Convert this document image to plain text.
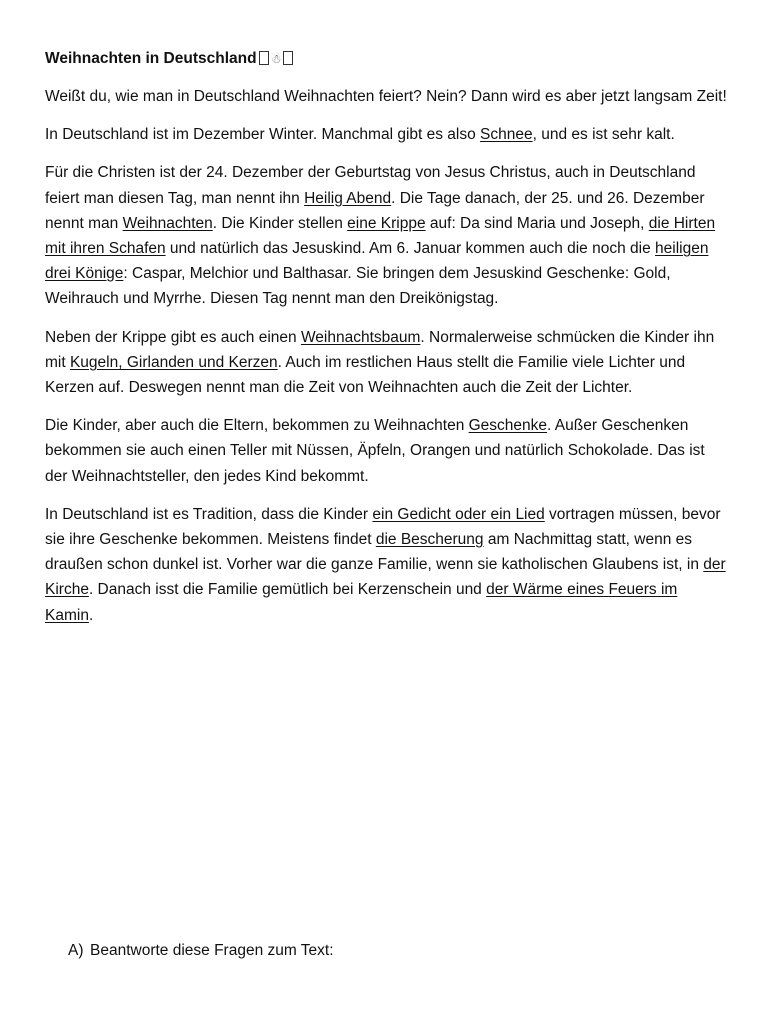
Weihnachten in Deutschland ☃

Weißt du, wie man in Deutschland Weihnachten feiert? Nein? Dann wird es aber jetzt langsam Zeit!

In Deutschland ist im Dezember Winter. Manchmal gibt es also Schnee, und es ist sehr kalt.

Für die Christen ist der 24. Dezember der Geburtstag von Jesus Christus, auch in Deutschland feiert man diesen Tag, man nennt ihn Heilig Abend. Die Tage danach, der 25. und 26. Dezember nennt man Weihnachten. Die Kinder stellen eine Krippe auf: Da sind Maria und Joseph, die Hirten mit ihren Schafen und natürlich das Jesuskind. Am 6. Januar kommen auch die noch die heiligen drei Könige: Caspar, Melchior und Balthasar. Sie bringen dem Jesuskind Geschenke: Gold, Weihrauch und Myrrhe. Diesen Tag nennt man den Dreikönigstag.

Neben der Krippe gibt es auch einen Weihnachtsbaum. Normalerweise schmücken die Kinder ihn mit Kugeln, Girlanden und Kerzen. Auch im restlichen Haus stellt die Familie viele Lichter und Kerzen auf. Deswegen nennt man die Zeit von Weihnachten auch die Zeit der Lichter.

Die Kinder, aber auch die Eltern, bekommen zu Weihnachten Geschenke. Außer Geschenken bekommen sie auch einen Teller mit Nüssen, Äpfeln, Orangen und natürlich Schokolade. Das ist der Weihnachtsteller, den jedes Kind bekommt.

In Deutschland ist es Tradition, dass die Kinder ein Gedicht oder ein Lied vortragen müssen, bevor sie ihre Geschenke bekommen. Meistens findet die Bescherung am Nachmittag statt, wenn es draußen schon dunkel ist. Vorher war die ganze Familie, wenn sie katholischen Glaubens ist, in der Kirche. Danach isst die Familie gemütlich bei Kerzenschein und der Wärme eines Feuers im Kamin.

A) Beantworte diese Fragen zum Text:
